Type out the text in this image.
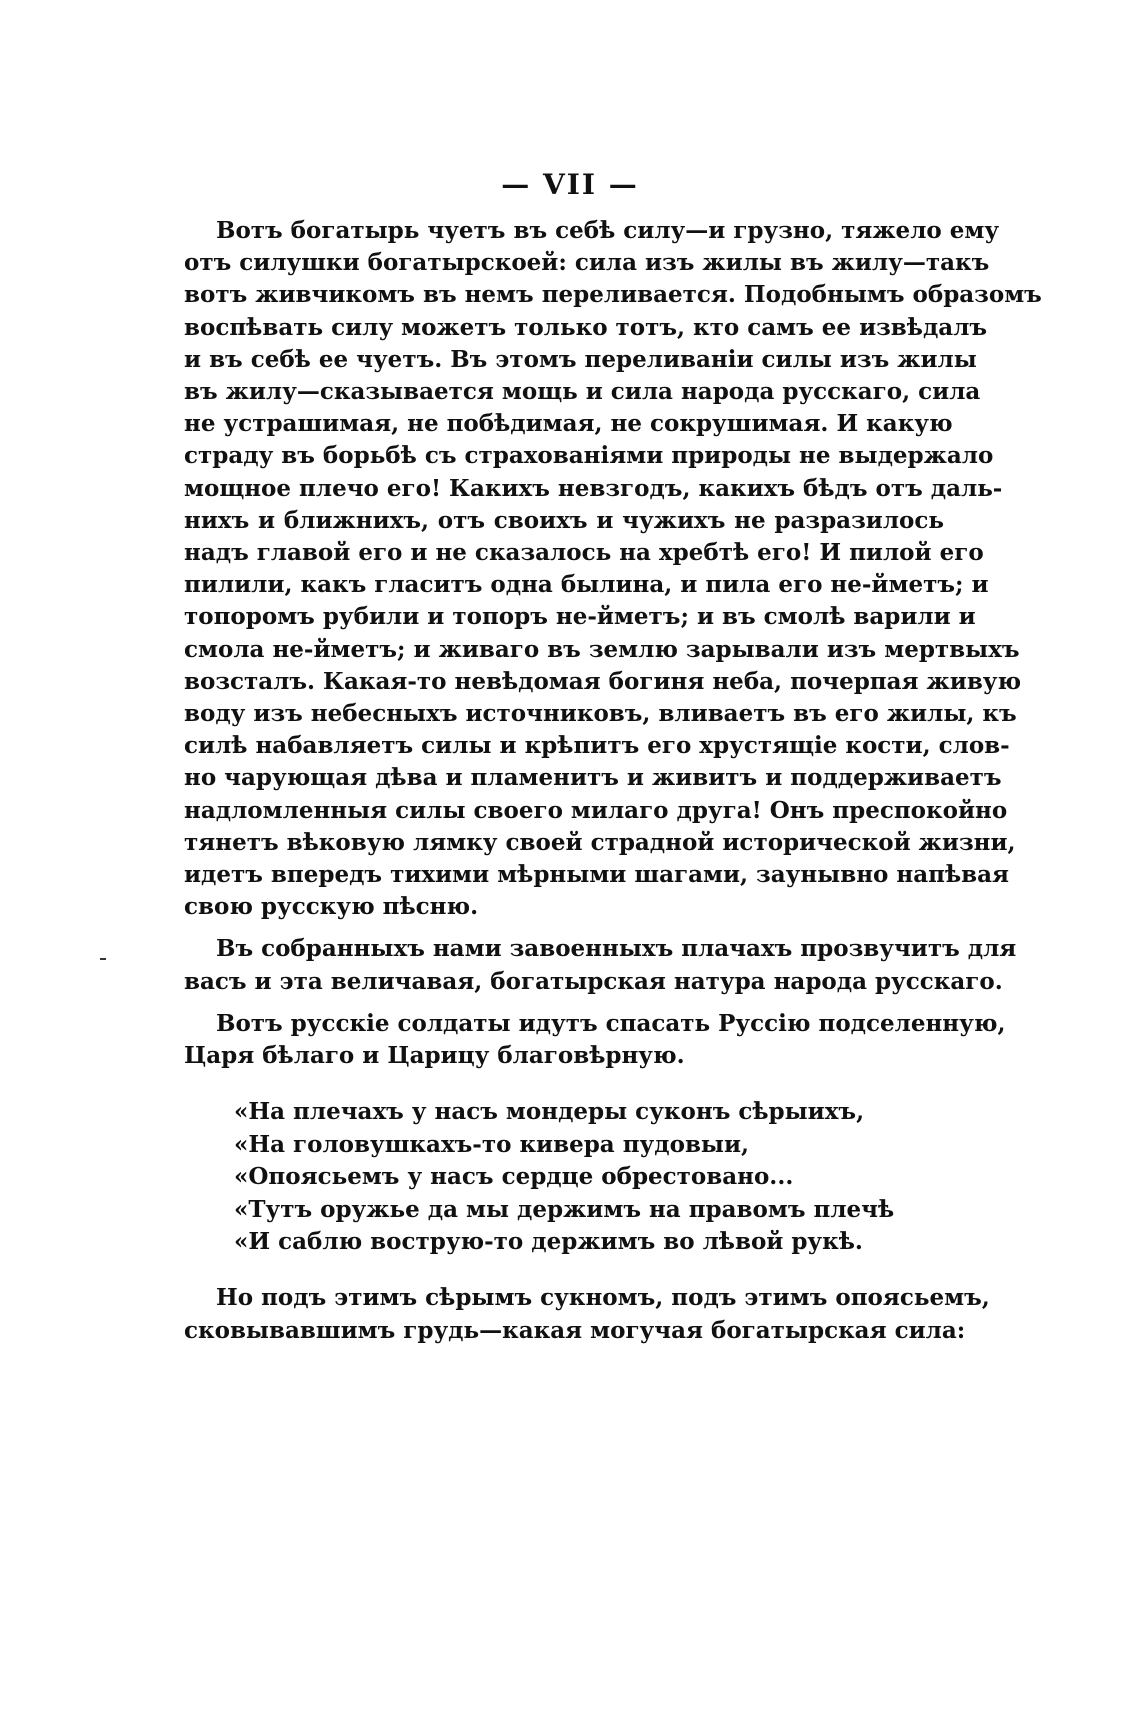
— VII —

Вотъ богатырь чуетъ въ себѣ силу—и грузно, тяжело ему
отъ силушки богатырскоей: сила изъ жилы въ жилу—такъ
вотъ живчикомъ въ немъ переливается. Подобнымъ образомъ
воспѣвать силу можетъ только тотъ, кто самъ ее извѣдалъ
и въ себѣ ее чуетъ. Въ этомъ переливаніи силы изъ жилы
въ жилу—сказывается мощь и сила народа русскаго, сила
не устрашимая, не побѣдимая, не сокрушимая. И какую
страду въ борьбѣ съ страхованіями природы не выдержало
мощное плечо его! Какихъ невзгодъ, какихъ бѣдъ отъ даль-
нихъ и ближнихъ, отъ своихъ и чужихъ не разразилось
надъ главой его и не сказалось на хребтѣ его! И пилой его
пилили, какъ гласитъ одна былина, и пила его не-йметъ; и
топоромъ рубили и топоръ не-йметъ; и въ смолѣ варили и
смола не-йметъ; и живаго въ землю зарывали изъ мертвыхъ
возсталъ. Какая-то невѣдомая богиня неба, почерпая живую
воду изъ небесныхъ источниковъ, вливаетъ въ его жилы, къ
силѣ набавляетъ силы и крѣпитъ его хрустящіе кости, слов-
но чарующая дѣва и пламенитъ и живитъ и поддерживаетъ
надломленныя силы своего милаго друга! Онъ преспокойно
тянетъ вѣковую лямку своей страдной исторической жизни,
идетъ впередъ тихими мѣрными шагами, заунывно напѣвая
свою русскую пѣсню.

Въ собранныхъ нами завоенныхъ плачахъ прозвучитъ для
васъ и эта величавая, богатырская натура народа русскаго.

Вотъ русскіе солдаты идутъ спасать Руссію подселенную,
Царя бѣлаго и Царицу благовѣрную.

«На плечахъ у насъ мондеры суконъ сѣрыихъ,
«На головушкахъ-то кивера пудовыи,
«Опоясьемъ у насъ сердце обрестовано...
«Тутъ оружье да мы держимъ на правомъ плечѣ
«И саблю вострую-то держимъ во лѣвой рукѣ.

Но подъ этимъ сѣрымъ сукномъ, подъ этимъ опоясьемъ,
сковывавшимъ грудь—какая могучая богатырская сила:
